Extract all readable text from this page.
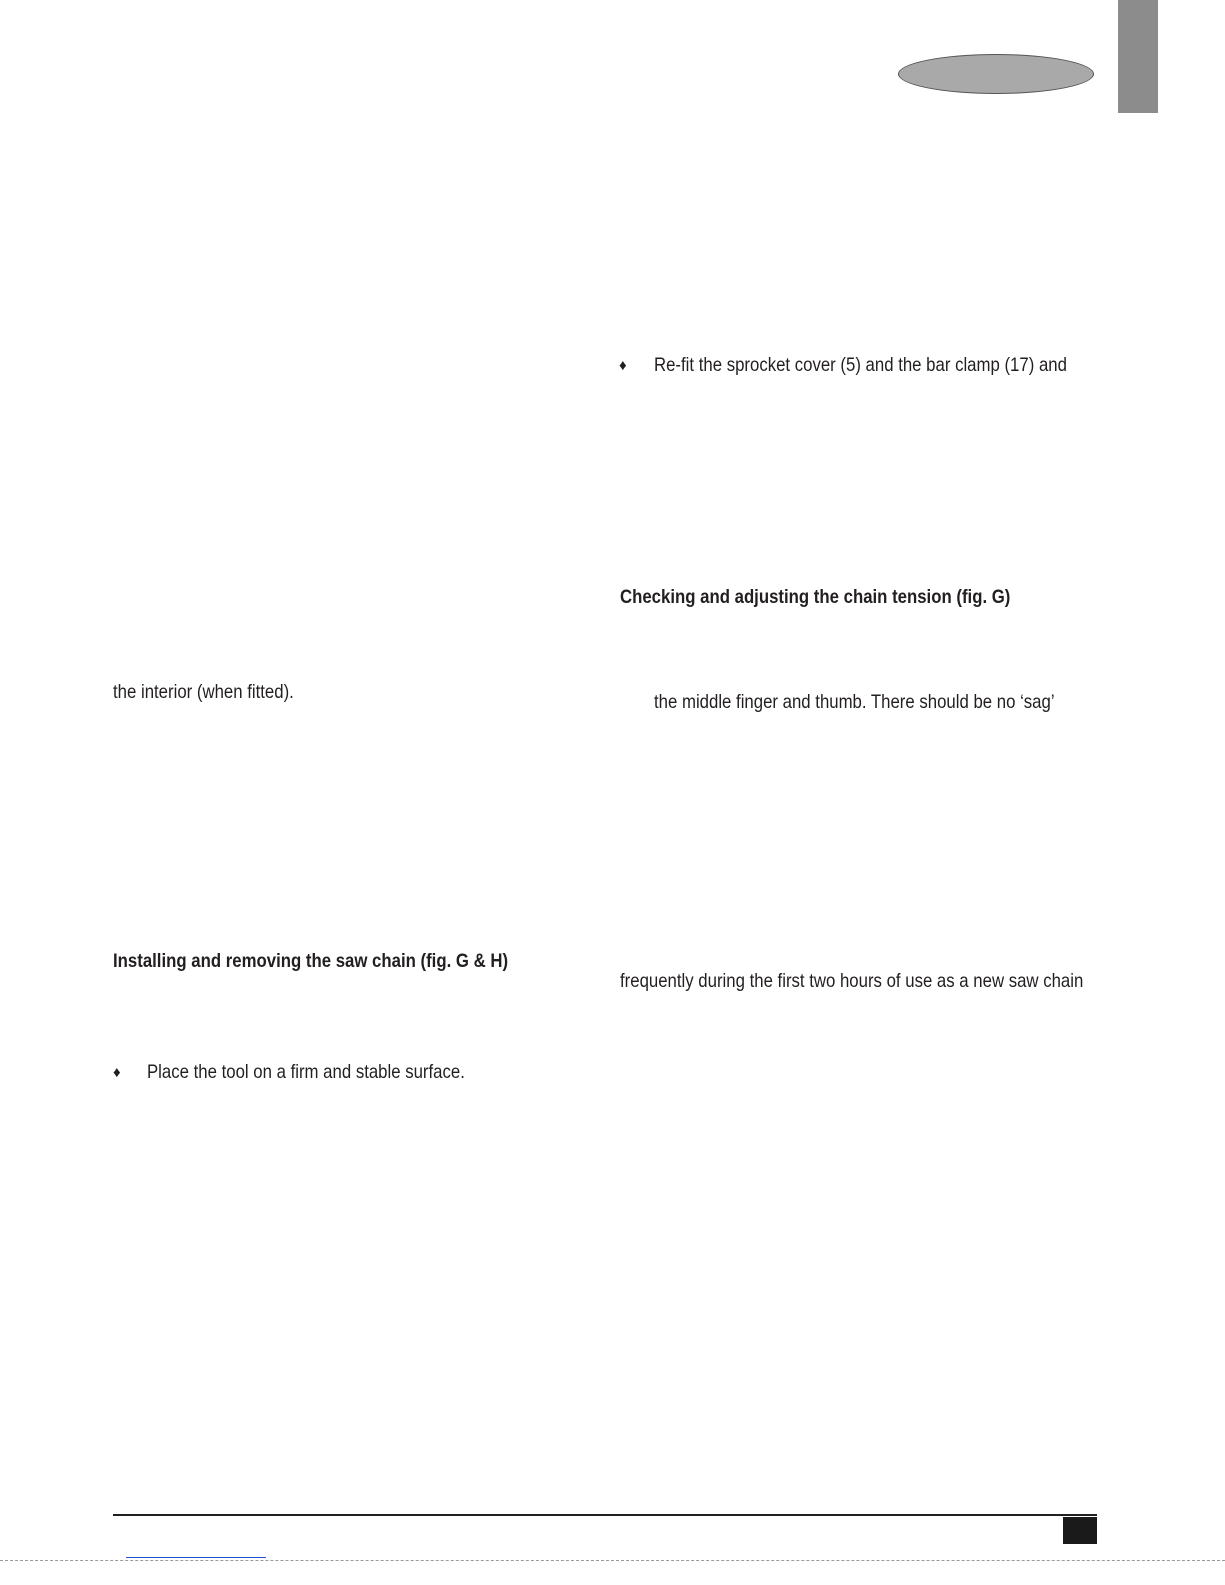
♦ Re-fit the sprocket cover (5) and the bar clamp (17) and
Checking and adjusting the chain tension (fig. G)
the middle finger and thumb. There should be no ‘sag’
frequently during the first two hours of use as a new saw chain
the interior (when fitted).
Installing and removing the saw chain (fig. G & H)
♦ Place the tool on a firm and stable surface.
